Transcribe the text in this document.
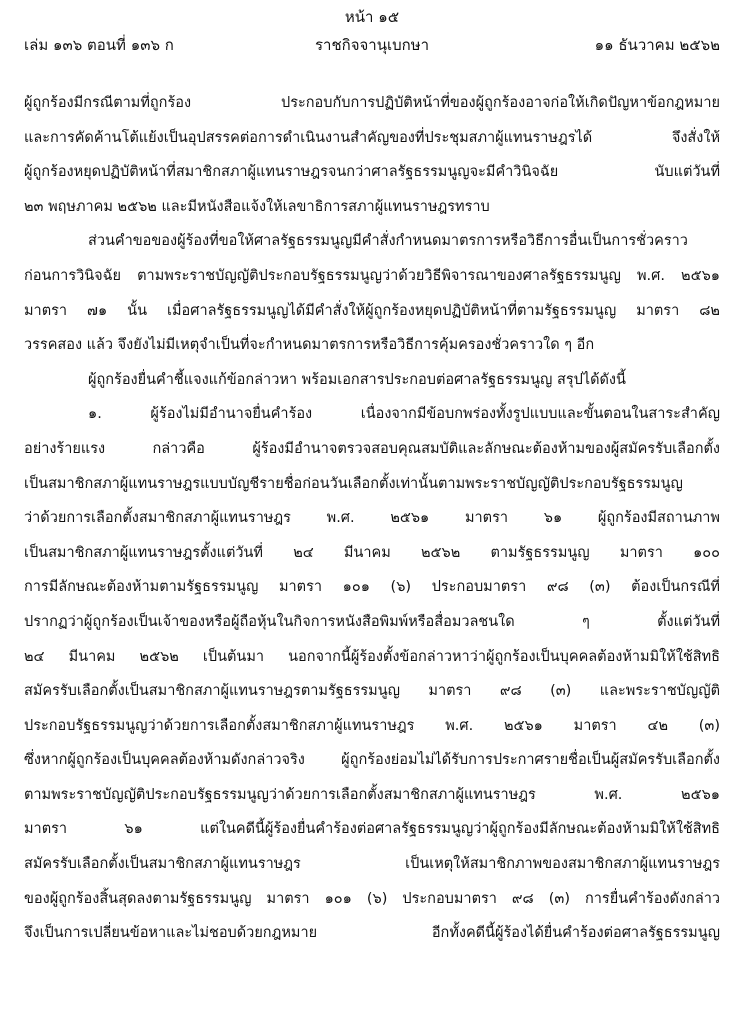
หน้า ๑๕
ราชกิจจานุเบกษา
เล่ม ๑๓๖ ตอนที่ ๑๓๖ ก	๑๑ ธันวาคม ๒๕๖๒
ผู้ถูกร้องมีกรณีตามที่ถูกร้อง ประกอบกับการปฏิบัติหน้าที่ของผู้ถูกร้องอาจก่อให้เกิดปัญหาข้อกฎหมาย
และการคัดค้านโต้แย้งเป็นอุปสรรคต่อการดำเนินงานสำคัญของที่ประชุมสภาผู้แทนราษฎรได้ จึงสั่งให้
ผู้ถูกร้องหยุดปฏิบัติหน้าที่สมาชิกสภาผู้แทนราษฎรจนกว่าศาลรัฐธรรมนูญจะมีคำวินิจฉัย นับแต่วันที่
๒๓ พฤษภาคม ๒๕๖๒ และมีหนังสือแจ้งให้เลขาธิการสภาผู้แทนราษฎรทราบ
ส่วนคำขอของผู้ร้องที่ขอให้ศาลรัฐธรรมนูญมีคำสั่งกำหนดมาตรการหรือวิธีการอื่นเป็นการชั่วคราว
ก่อนการวินิจฉัย ตามพระราชบัญญัติประกอบรัฐธรรมนูญว่าด้วยวิธีพิจารณาของศาลรัฐธรรมนูญ พ.ศ. ๒๕๖๑
มาตรา ๗๑ นั้น เมื่อศาลรัฐธรรมนูญได้มีคำสั่งให้ผู้ถูกร้องหยุดปฏิบัติหน้าที่ตามรัฐธรรมนูญ มาตรา ๘๒
วรรคสอง แล้ว จึงยังไม่มีเหตุจำเป็นที่จะกำหนดมาตรการหรือวิธีการคุ้มครองชั่วคราวใด ๆ อีก
ผู้ถูกร้องยื่นคำชี้แจงแก้ข้อกล่าวหา พร้อมเอกสารประกอบต่อศาลรัฐธรรมนูญ สรุปได้ดังนี้
๑. ผู้ร้องไม่มีอำนาจยื่นคำร้อง เนื่องจากมีข้อบกพร่องทั้งรูปแบบและขั้นตอนในสาระสำคัญ
อย่างร้ายแรง กล่าวคือ ผู้ร้องมีอำนาจตรวจสอบคุณสมบัติและลักษณะต้องห้ามของผู้สมัครรับเลือกตั้ง
เป็นสมาชิกสภาผู้แทนราษฎรแบบบัญชีรายชื่อก่อนวันเลือกตั้งเท่านั้นตามพระราชบัญญัติประกอบรัฐธรรมนูญ
ว่าด้วยการเลือกตั้งสมาชิกสภาผู้แทนราษฎร พ.ศ. ๒๕๖๑ มาตรา ๖๑ ผู้ถูกร้องมีสถานภาพ
เป็นสมาชิกสภาผู้แทนราษฎรตั้งแต่วันที่ ๒๔ มีนาคม ๒๕๖๒ ตามรัฐธรรมนูญ มาตรา ๑๐๐
การมีลักษณะต้องห้ามตามรัฐธรรมนูญ มาตรา ๑๐๑ (๖) ประกอบมาตรา ๙๘ (๓) ต้องเป็นกรณีที่
ปรากฏว่าผู้ถูกร้องเป็นเจ้าของหรือผู้ถือหุ้นในกิจการหนังสือพิมพ์หรือสื่อมวลชนใด ๆ ตั้งแต่วันที่
๒๔ มีนาคม ๒๕๖๒ เป็นต้นมา นอกจากนี้ผู้ร้องตั้งข้อกล่าวหาว่าผู้ถูกร้องเป็นบุคคลต้องห้ามมิให้ใช้สิทธิ
สมัครรับเลือกตั้งเป็นสมาชิกสภาผู้แทนราษฎรตามรัฐธรรมนูญ มาตรา ๙๘ (๓) และพระราชบัญญัติ
ประกอบรัฐธรรมนูญว่าด้วยการเลือกตั้งสมาชิกสภาผู้แทนราษฎร พ.ศ. ๒๕๖๑ มาตรา ๔๒ (๓)
ซึ่งหากผู้ถูกร้องเป็นบุคคลต้องห้ามดังกล่าวจริง ผู้ถูกร้องย่อมไม่ได้รับการประกาศรายชื่อเป็นผู้สมัครรับเลือกตั้ง
ตามพระราชบัญญัติประกอบรัฐธรรมนูญว่าด้วยการเลือกตั้งสมาชิกสภาผู้แทนราษฎร พ.ศ. ๒๕๖๑
มาตรา ๖๑ แต่ในคดีนี้ผู้ร้องยื่นคำร้องต่อศาลรัฐธรรมนูญว่าผู้ถูกร้องมีลักษณะต้องห้ามมิให้ใช้สิทธิ
สมัครรับเลือกตั้งเป็นสมาชิกสภาผู้แทนราษฎร เป็นเหตุให้สมาชิกภาพของสมาชิกสภาผู้แทนราษฎร
ของผู้ถูกร้องสิ้นสุดลงตามรัฐธรรมนูญ มาตรา ๑๐๑ (๖) ประกอบมาตรา ๙๘ (๓) การยื่นคำร้องดังกล่าว
จึงเป็นการเปลี่ยนข้อหาและไม่ชอบด้วยกฎหมาย อีกทั้งคดีนี้ผู้ร้องได้ยื่นคำร้องต่อศาลรัฐธรรมนูญ
